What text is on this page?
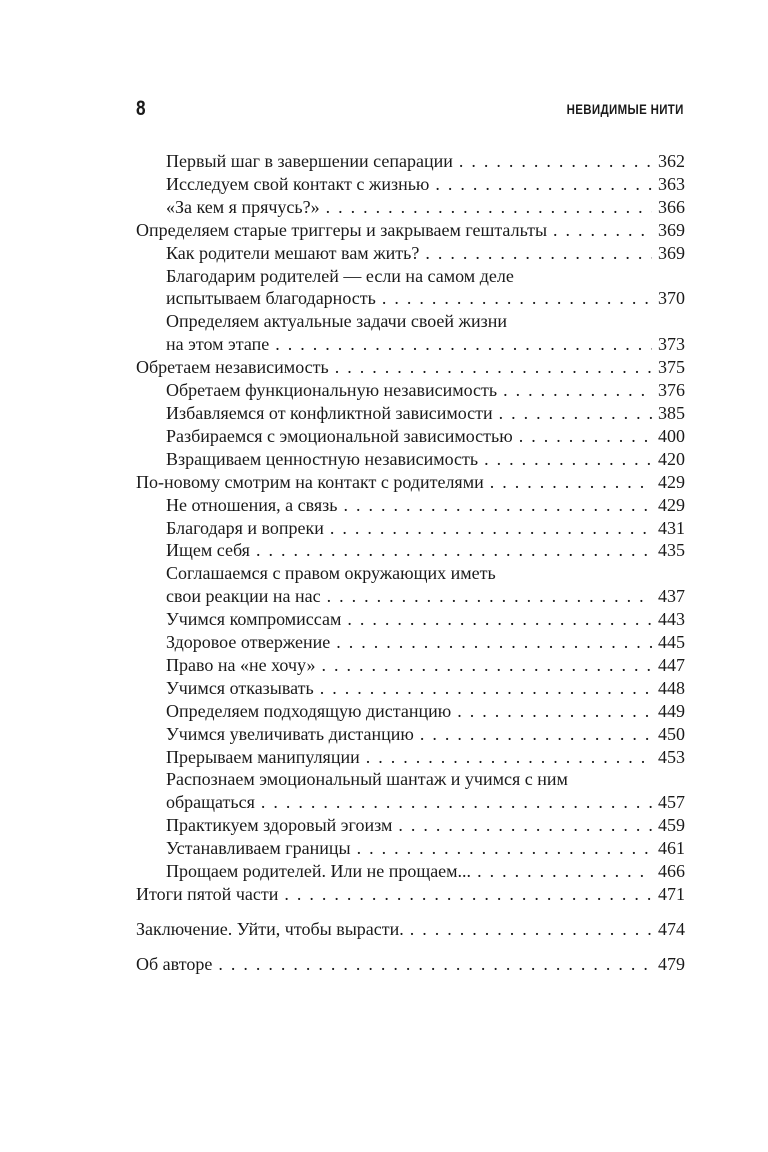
8	НЕВИДИМЫЕ НИТИ
Первый шаг в завершении сепарации . . .	362
Исследуем свой контакт с жизнью . . .	363
«За кем я прячусь?» . . .	366
Определяем старые триггеры и закрываем гештальты . . .	369
Как родители мешают вам жить? . . .	369
Благодарим родителей — если на самом деле
испытываем благодарность . . .	370
Определяем актуальные задачи своей жизни
на этом этапе . . .	373
Обретаем независимость . . .	375
Обретаем функциональную независимость . . .	376
Избавляемся от конфликтной зависимости . . .	385
Разбираемся с эмоциональной зависимостью . . .	400
Взращиваем ценностную независимость . . .	420
По-новому смотрим на контакт с родителями . . .	429
Не отношения, а связь . . .	429
Благодаря и вопреки . . .	431
Ищем себя . . .	435
Соглашаемся с правом окружающих иметь
свои реакции на нас . . .	437
Учимся компромиссам . . .	443
Здоровое отвержение . . .	445
Право на «не хочу» . . .	447
Учимся отказывать . . .	448
Определяем подходящую дистанцию . . .	449
Учимся увеличивать дистанцию . . .	450
Прерываем манипуляции . . .	453
Распознаем эмоциональный шантаж и учимся с ним
обращаться . . .	457
Практикуем здоровый эгоизм . . .	459
Устанавливаем границы . . .	461
Прощаем родителей. Или не прощаем... . . .	466
Итоги пятой части . . .	471
Заключение. Уйти, чтобы вырасти. . . .	474
Об авторе . . .	479
